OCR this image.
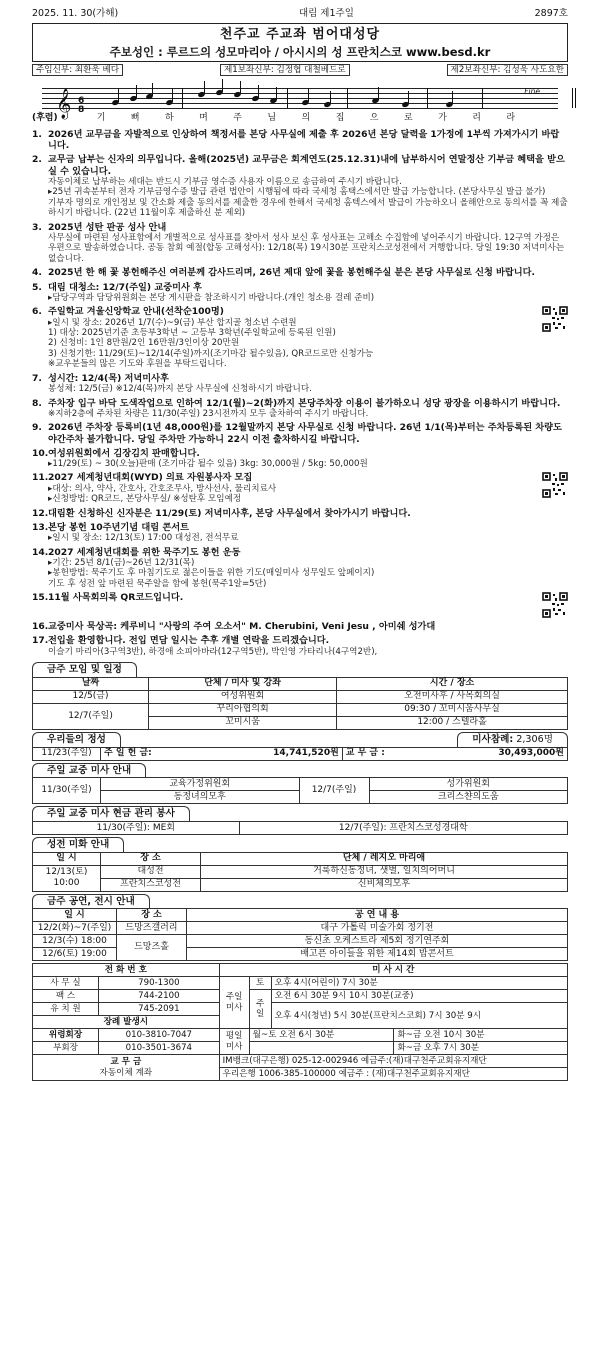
2025. 11. 30(가해)	대림 제1주일	2897호
천주교 주교좌 범어대성당
주보성인 : 루르드의 성모마리아 / 아시시의 성 프란치스코 www.besd.kr
주임신부: 최환욱 베다	제1보좌신부: 김정협 대철베드로	제2보좌신부: 김성욱 사도요한
𝄞 6
8
Fine
(후렴)	기	뻐	하	며	주	님	의	집	으	로	가	리	라
1. 2026년 교무금을 자발적으로 인상하여 책정서를 본당 사무실에 제출 후 2026년 본당 달력을 1가정에 1부씩 가져가시기 바랍니다.
2. 교무금 납부는 신자의 의무입니다. 올해(2025년) 교무금은 회계연도(25.12.31)내에 납부하시어 연말정산 기부금 혜택을 받으실 수 있습니다.
자동이체로 납부하는 세대는 반드시 기부금 영수증 사용자 이름으로 송금하여 주시기 바랍니다.
▸25년 귀속분부터 전자 기부금영수증 발급 관련 법안이 시행됨에 따라 국세청 홈택스에서만 발급 가능합니다. (본당사무실 발급 불가)
기부자 명의로 개인정보 및 간소화 제출 동의서를 제출한 경우에 한해서 국세청 홈텍스에서 발급이 가능하오니 올해안으로 동의서를 꼭 제출하시기 바랍니다. (22년 11월이후 제출하신 분 제외)
3. 2025년 성탄 판공 성사 안내
사무실에 마련된 성사표함에서 개별적으로 성사표를 찾아서 성사 보신 후 성사표는 고해소 수집함에 넣어주시기 바랍니다. 12구역 가정은 우편으로 발송하였습니다. 공동 참회 예절(합동 고해성사): 12/18(목) 19시30분 프란치스코성전에서 거행합니다. 당일 19:30 저녁미사는 없습니다.
4. 2025년 한 해 꽃 봉헌해주신 여러분께 감사드리며, 26년 제대 앞에 꽃을 봉헌해주실 분은 본당 사무실로 신청 바랍니다.
5. 대림 대청소: 12/7(주일) 교중미사 후
▸담당구역과 담당위원회는 본당 게시판을 참조하시기 바랍니다.(개인 청소용 걸레 준비)
6. 주일학교 겨울신앙학교 안내(선착순100명)
▸일시 및 장소: 2026년 1/7(수)~9(금) 부산 합지골 청소년 수련원
1) 대상: 2025년기준 초등부3학년 ~ 고등부 3학년(주일학교에 등록된 인원)
2) 신청비: 1인 8만원/2인 16만원/3인이상 20만원
3) 신청기한: 11/29(토)~12/14(주일)까지(조기마감 될수있음), QR코드로만 신청가능
※교우분들의 많은 기도와 후원을 부탁드립니다.
7. 성시간: 12/4(목) 저녁미사후
봉성체: 12/5(금) ※12/4(목)까지 본당 사무실에 신청하시기 바랍니다.
8. 주차장 입구 바닥 도색작업으로 인하여 12/1(월)~2(화)까지 본당주차장 이용이 불가하오니 성당 광장을 이용하시기 바랍니다.
※지하2층에 주차된 차량은 11/30(주일) 23시전까지 모두 출차하여 주시기 바랍니다.
9. 2026년 주차장 등록비(1년 48,000원)를 12월말까지 본당 사무실로 신청 바랍니다. 26년 1/1(목)부터는 주차등록된 차량도 야간주차 불가합니다. 당일 주차만 가능하니 22시 이전 출차하시길 바랍니다.
10. 여성위원회에서 김장김치 판매합니다.
▸11/29(토) ~ 30(오늘)판매 (조기마감 될수 있음) 3kg: 30,000원 / 5kg: 50,000원
11. 2027 세계청년대회(WYD) 의료 자원봉사자 모집
▸대상: 의사, 약사, 간호사, 간호조무사, 방사선사, 물리치료사
▸신청방법: QR코드, 본당사무실/ ※성탄후 모임예정
12. 대림환 신청하신 신자분은 11/29(토) 저녁미사후, 본당 사무실에서 찾아가시기 바랍니다.
13. 본당 봉헌 10주년기념 대림 콘서트
▸일시 및 장소: 12/13(토) 17:00 대성전, 전석무료
14. 2027 세계청년대회를 위한 묵주기도 봉헌 운동
▸기간: 25년 8/1(금)~26년 12/31(목)
▸봉헌방법: 묵주기도 후 마침기도로 젊은이들을 위한 기도(매일미사 성무일도 앞페이지)
기도 후 성전 앞 마련된 묵주알을 함에 봉헌(묵주1알=5단)
15. 11월 사목회의록 QR코드입니다.
16. 교중미사 묵상곡: 케루비니 "사랑의 주여 오소서" M. Cherubini, Veni Jesu , 아미쉐 성가대
17. 전입을 환영합니다. 전입 면담 일시는 추후 개별 연락을 드리겠습니다.
이슬기 마리아(3구역3반), 하경애 소피아바라(12구역5반), 박인영 가타리나(4구역2반),
금주 모임 및 일정
날짜	단체 / 미사 및 강좌	시간 / 장소
12/5(금)	여성위원회	오전미사후 / 사목회의실
12/7(주일)	꾸리아협의회	09:30 / 꼬미시움사무실
	꼬미시움	12:00 / 스텔라홀
우리들의 정성	미사참례: 2,306명
11/23(주일)	주 일 헌 금:	14,741,520원	교 무 금 :	30,493,000원
주일 교중 미사 안내
11/30(주일)	교육가정위원회	12/7(주일)	성가위원회
	동정녀의모후		크리스챤의도움
주일 교중 미사 현금 관리 봉사
11/30(주일): ME회	12/7(주일): 프란치스코성경대학
성전 미화 안내
일 시	장 소	단체 / 레지오 마리애
12/13(토) 10:00	대성전	거룩하신동정녀, 샛별, 일치의어머니
	프란치스코성전	신비체의모후
금주 공연, 전시 안내
일 시	장 소	공 연 내 용
12/2(화)~7(주일)	드망즈갤러리	대구 가톨릭 미술가회 정기전
12/3(수) 18:00	드망즈홀	동신초 오케스트라 제5회 정기연주회
12/6(토) 19:00		배고픈 아이들을 위한 제14회 밥콘서트
전 화 번 호		미 사 시 간			
사 무 실	790-1300	주일 미사	토	오후 4시(어린이) 7시 30분	
팩 스	744-2100		주일	오전 6시 30분 9시 10시 30분(교중)	
유 치 원	745-2091			오후 4시(청년) 5시 30분(프란치스코회) 7시 30분 9시	
장례 발생시					
위령회장	010-3810-7047	평일 미사	월~토 오전 6시 30분		화~금 오전 10시 30분
부회장	010-3501-3674				화~금 오후 7시 30분

교 무 금
자동이체 계좌		IM뱅크(대구은행) 025-12-002946 예금주:(재)대구천주교회유지재단			
		우리은행 1006-385-100000 예금주 : (재)대구천주교회유지재단			
